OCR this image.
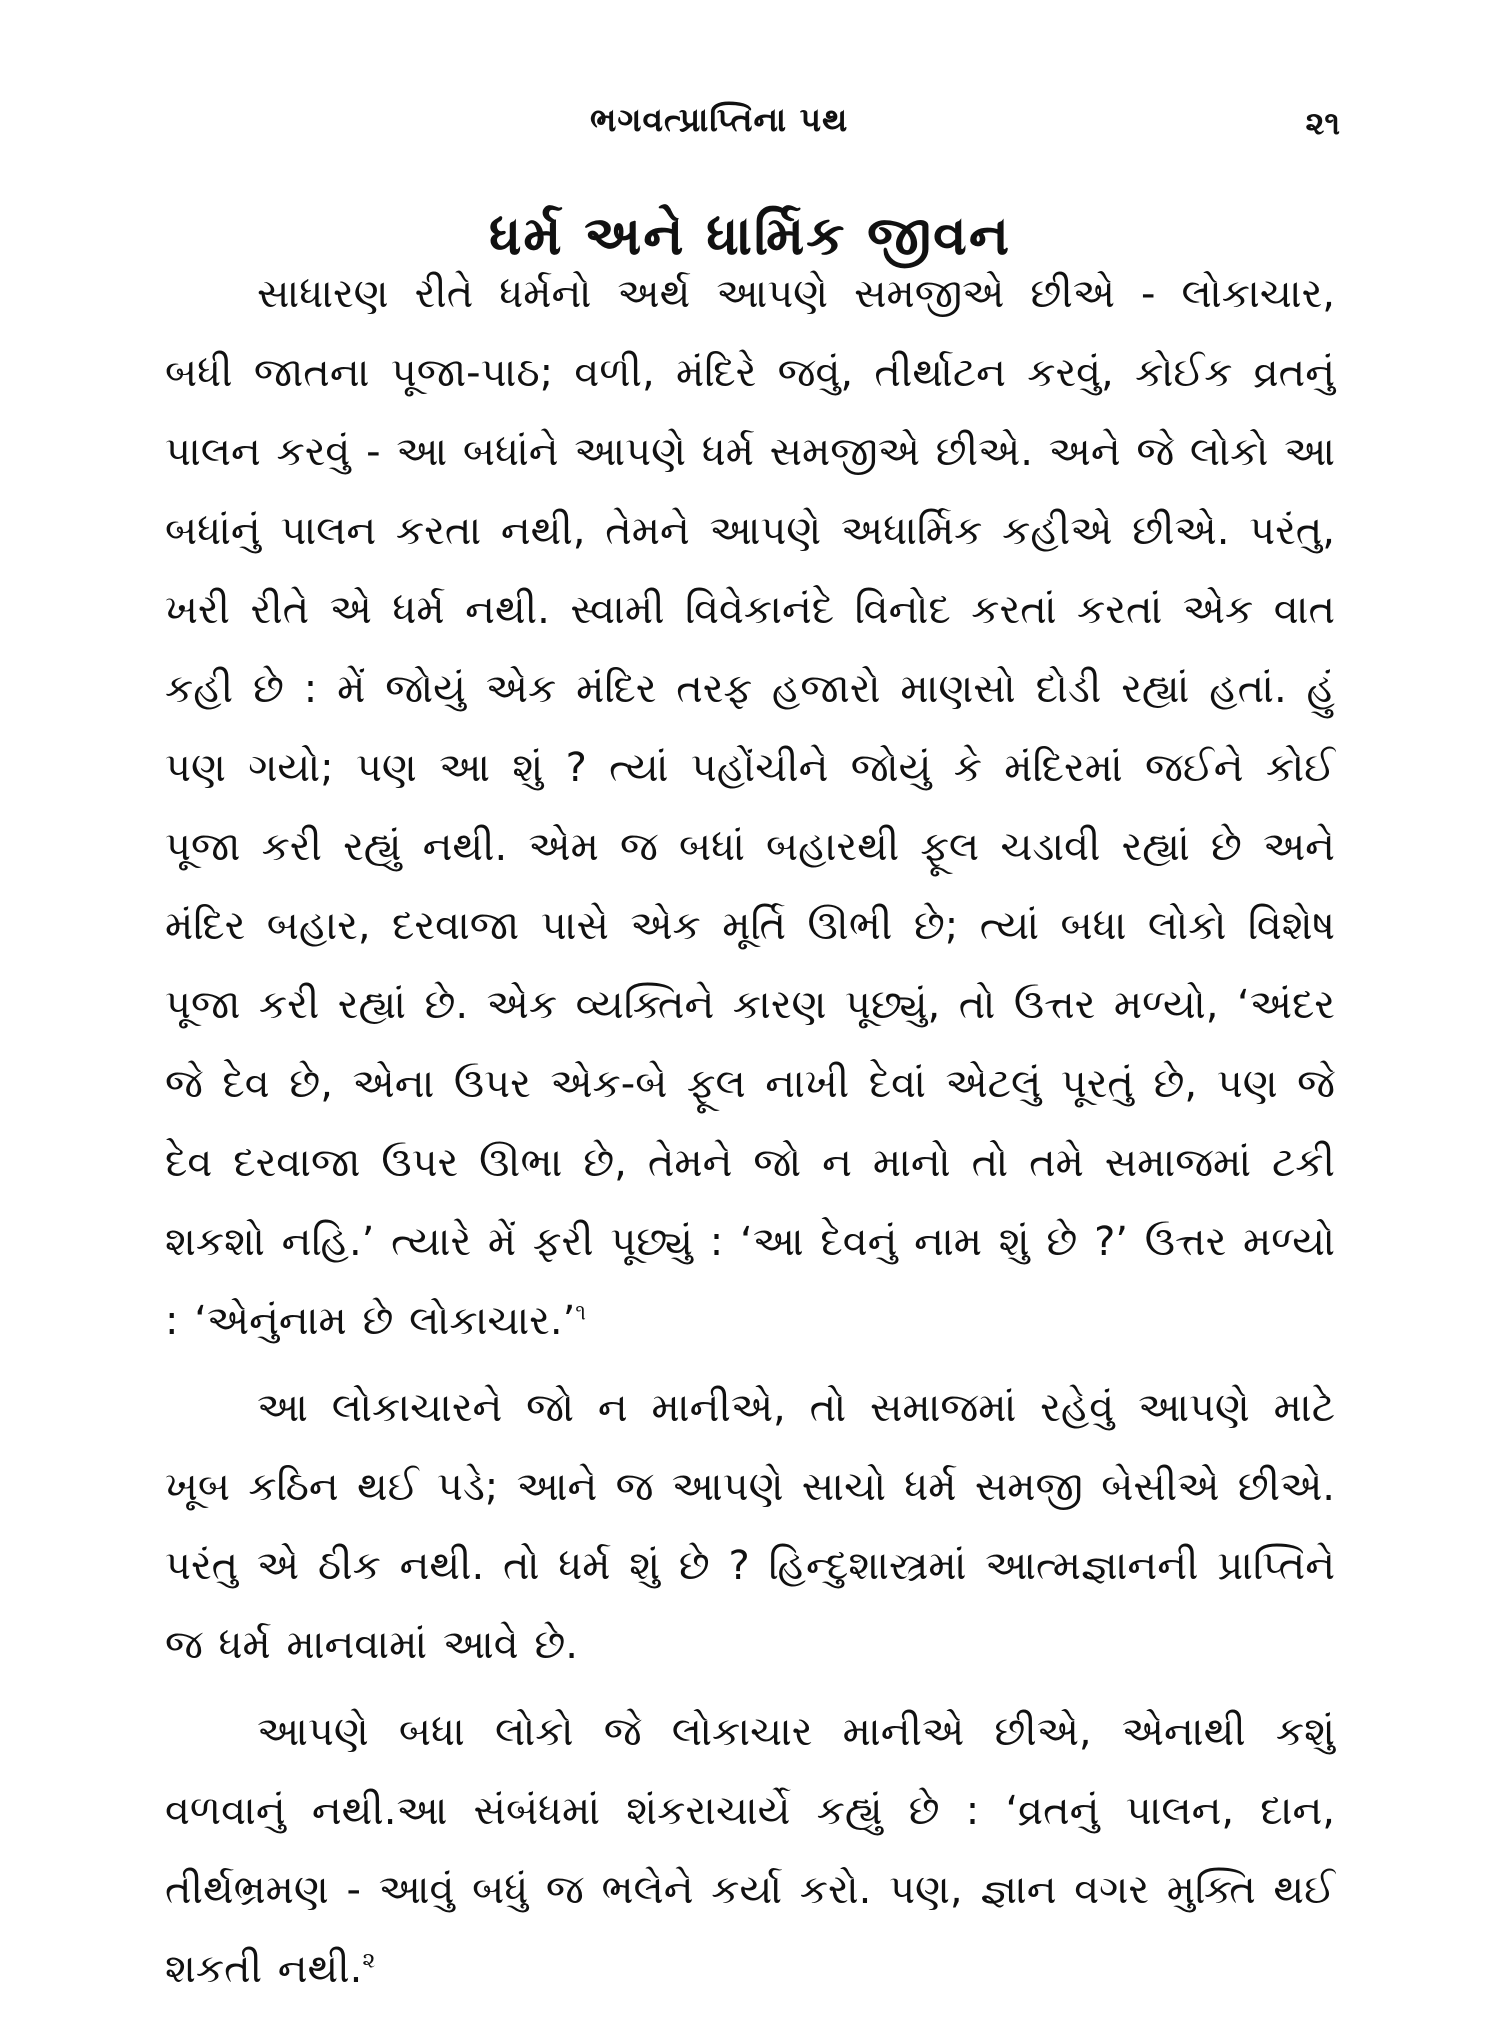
ભગવત્પ્રાપ્તિના પથ	૨૧
ધર્મ અને ધાર્મિક જીવન

સાધારણ રીતે ધર્મનો અર્થ આપણે સમજીએ છીએ - લોકાચાર, બધી જાતના પૂજા-પાઠ; વળી, મંદિરે જવું, તીર્થાટન કરવું, કોઈક વ્રતનું પાલન કરવું - આ બધાંને આપણે ધર્મ સમજીએ છીએ. અને જે લોકો આ બધાંનું પાલન કરતા નથી, તેમને આપણે અધાર્મિક કહીએ છીએ. પરંતુ, ખરી રીતે એ ધર્મ નથી. સ્વામી વિવેકાનંદે વિનોદ કરતાં કરતાં એક વાત કહી છે : મેં જોયું એક મંદિર તરફ હજારો માણસો દોડી રહ્યાં હતાં. હું પણ ગયો; પણ આ શું ? ત્યાં પહોંચીને જોયું કે મંદિરમાં જઈને કોઈ પૂજા કરી રહ્યું નથી. એમ જ બધાં બહારથી ફૂલ ચડાવી રહ્યાં છે અને મંદિર બહાર, દરવાજા પાસે એક મૂર્તિ ઊભી છે; ત્યાં બધા લોકો વિશેષ પૂજા કરી રહ્યાં છે. એક વ્યક્તિને કારણ પૂછ્યું, તો ઉત્તર મળ્યો, ‘અંદર જે દેવ છે, એના ઉપર એક-બે ફૂલ નાખી દેવાં એટલું પૂરતું છે, પણ જે દેવ દરવાજા ઉપર ઊભા છે, તેમને જો ન માનો તો તમે સમાજમાં ટકી શકશો નહિ.’ ત્યારે મેં ફરી પૂછ્યું : ‘આ દેવનું નામ શું છે ?’ ઉત્તર મળ્યો : ‘એનુંનામ છે લોકાચાર.’$^૧$

આ લોકાચારને જો ન માનીએ, તો સમાજમાં રહેવું આપણે માટે ખૂબ કઠિન થઈ પડે; આને જ આપણે સાચો ધર્મ સમજી બેસીએ છીએ. પરંતુ એ ઠીક નથી. તો ધર્મ શું છે ? હિન્દુશાસ્ત્રમાં આત્મજ્ઞાનની પ્રાપ્તિને જ ધર્મ માનવામાં આવે છે.

આપણે બધા લોકો જે લોકાચાર માનીએ છીએ, એનાથી કશું વળવાનું નથી.આ સંબંધમાં શંકરાચાર્યે કહ્યું છે : ‘વ્રતનું પાલન, દાન, તીર્થભ્રમણ - આવું બધું જ ભલેને કર્યા કરો. પણ, જ્ઞાન વગર મુક્તિ થઈ શકતી નથી.$^૨$
